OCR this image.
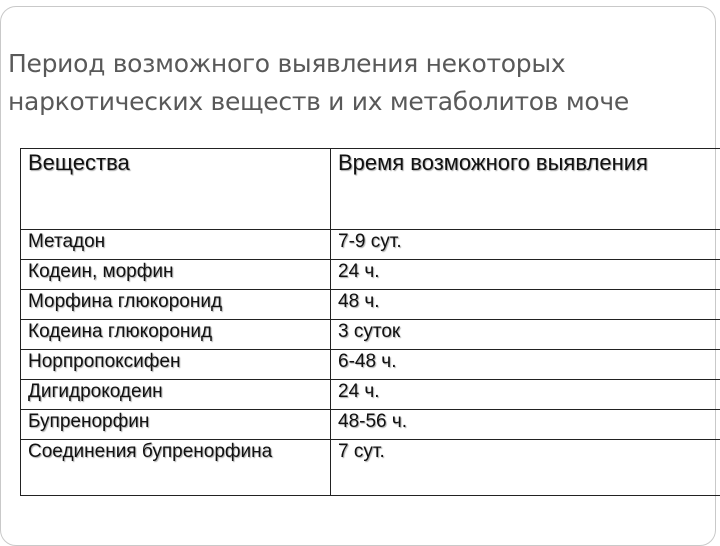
Период возможного выявления некоторых
наркотических веществ и их метаболитов моче
Вещества	Время возможного выявления
Метадон	7-9 сут.
Кодеин, морфин	24 ч.
Морфина глюкоронид	48 ч.
Кодеина глюкоронид	3 суток
Норпропоксифен	6-48 ч.
Дигидрокодеин	24 ч.
Бупренорфин	48-56 ч.
Соединения бупренорфина	7 сут.
